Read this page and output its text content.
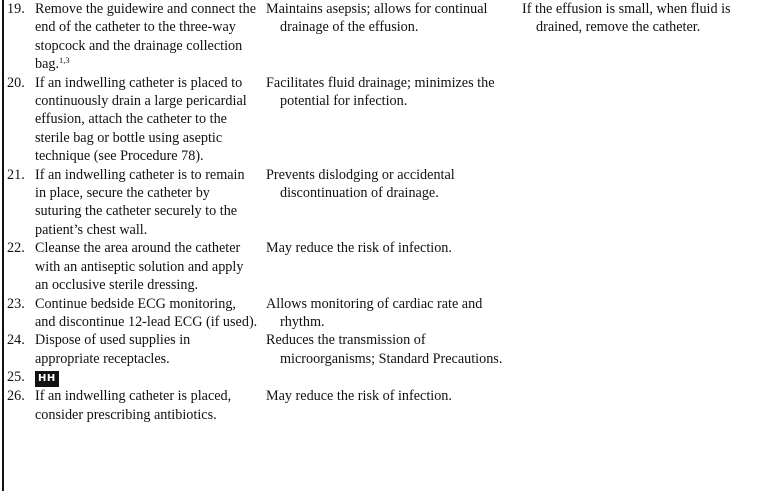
19. Remove the guidewire and connect the end of the catheter to the three-way stopcock and the drainage collection bag.$^{1,3}$	Maintains asepsis; allows for continual drainage of the effusion.	If the effusion is small, when fluid is drained, remove the catheter.

20. If an indwelling catheter is placed to continuously drain a large pericardial effusion, attach the catheter to the sterile bag or bottle using aseptic technique (see Procedure 78).	Facilitates fluid drainage; minimizes the potential for infection.	

21. If an indwelling catheter is to remain in place, secure the catheter by suturing the catheter securely to the patient’s chest wall.	Prevents dislodging or accidental discontinuation of drainage.	

22. Cleanse the area around the catheter with an antiseptic solution and apply an occlusive sterile dressing.	May reduce the risk of infection.	

23. Continue bedside ECG monitoring, and discontinue 12-lead ECG (if used).	Allows monitoring of cardiac rate and rhythm.	

24. Dispose of used supplies in appropriate receptacles.	Reduces the transmission of microorganisms; Standard Precautions.	

25. HH		

26. If an indwelling catheter is placed, consider prescribing antibiotics.	May reduce the risk of infection.	
